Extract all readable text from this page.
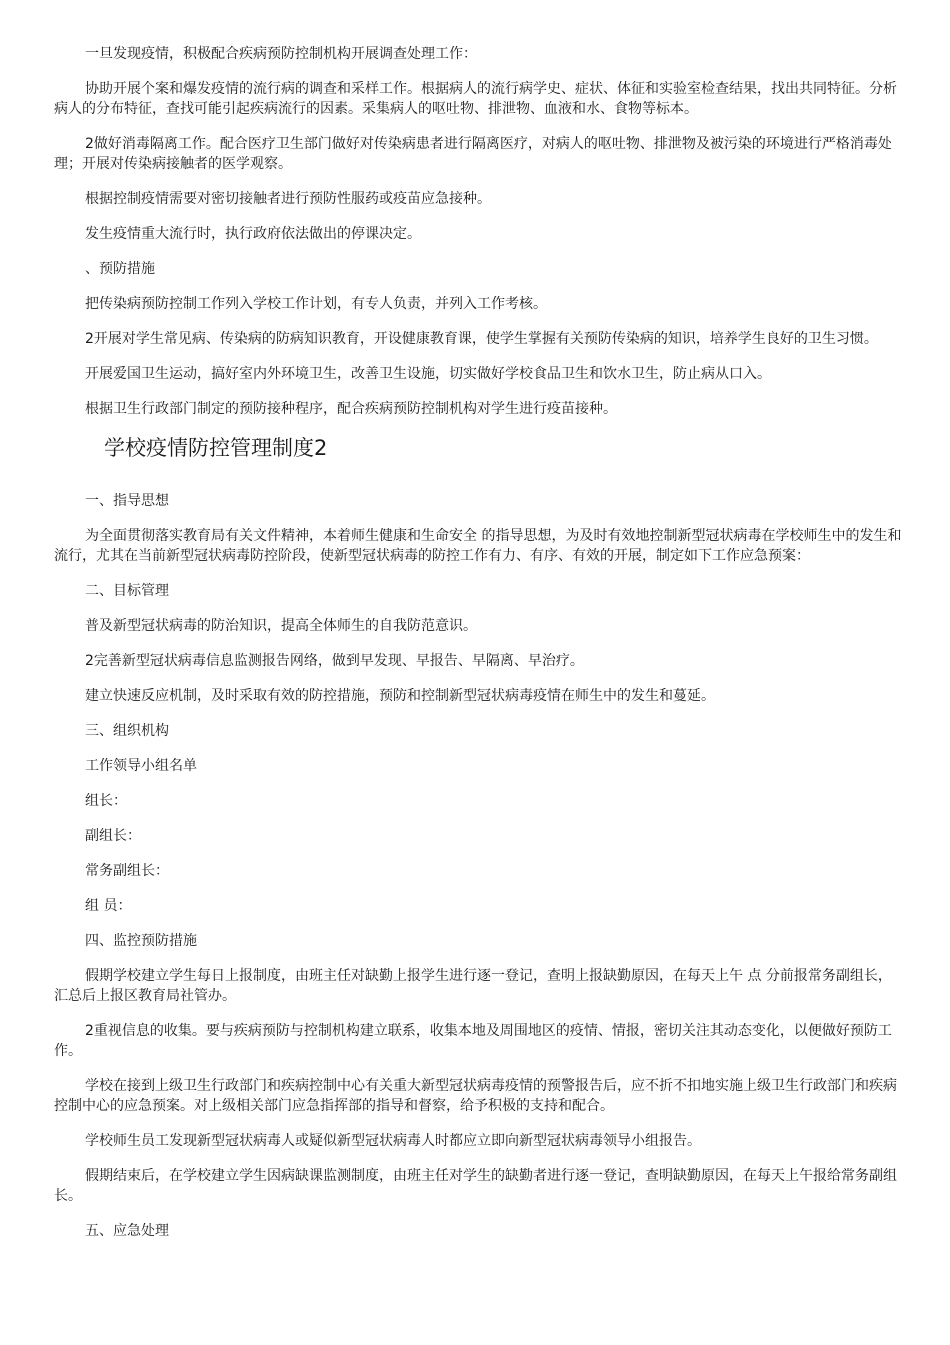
一旦发现疫情，积极配合疾病预防控制机构开展调查处理工作：

协助开展个案和爆发疫情的流行病的调查和采样工作。根据病人的流行病学史、症状、体征和实验室检查结果，找出共同特征。分析病人的分布特征，查找可能引起疾病流行的因素。采集病人的呕吐物、排泄物、血液和水、食物等标本。

2做好消毒隔离工作。配合医疗卫生部门做好对传染病患者进行隔离医疗，对病人的呕吐物、排泄物及被污染的环境进行严格消毒处理；开展对传染病接触者的医学观察。

根据控制疫情需要对密切接触者进行预防性服药或疫苗应急接种。

发生疫情重大流行时，执行政府依法做出的停课决定。

、预防措施

把传染病预防控制工作列入学校工作计划，有专人负责，并列入工作考核。

2开展对学生常见病、传染病的防病知识教育，开设健康教育课，使学生掌握有关预防传染病的知识，培养学生良好的卫生习惯。

开展爱国卫生运动，搞好室内外环境卫生，改善卫生设施，切实做好学校食品卫生和饮水卫生，防止病从口入。

根据卫生行政部门制定的预防接种程序，配合疾病预防控制机构对学生进行疫苗接种。

学校疫情防控管理制度2

一、指导思想

为全面贯彻落实教育局有关文件精神，本着师生健康和生命安全 的指导思想，为及时有效地控制新型冠状病毒在学校师生中的发生和流行，尤其在当前新型冠状病毒防控阶段，使新型冠状病毒的防控工作有力、有序、有效的开展，制定如下工作应急预案：

二、目标管理

普及新型冠状病毒的防治知识，提高全体师生的自我防范意识。

2完善新型冠状病毒信息监测报告网络，做到早发现、早报告、早隔离、早治疗。

建立快速反应机制，及时采取有效的防控措施，预防和控制新型冠状病毒疫情在师生中的发生和蔓延。

三、组织机构

工作领导小组名单

组长：

副组长：

常务副组长：

组 员：

四、监控预防措施

假期学校建立学生每日上报制度，由班主任对缺勤上报学生进行逐一登记，查明上报缺勤原因，在每天上午 点 分前报常务副组长，汇总后上报区教育局社管办。

2重视信息的收集。要与疾病预防与控制机构建立联系，收集本地及周围地区的疫情、情报，密切关注其动态变化，以便做好预防工作。

学校在接到上级卫生行政部门和疾病控制中心有关重大新型冠状病毒疫情的预警报告后，应不折不扣地实施上级卫生行政部门和疾病控制中心的应急预案。对上级相关部门应急指挥部的指导和督察，给予积极的支持和配合。

学校师生员工发现新型冠状病毒人或疑似新型冠状病毒人时都应立即向新型冠状病毒领导小组报告。

假期结束后，在学校建立学生因病缺课监测制度，由班主任对学生的缺勤者进行逐一登记，查明缺勤原因，在每天上午报给常务副组长。

五、应急处理
